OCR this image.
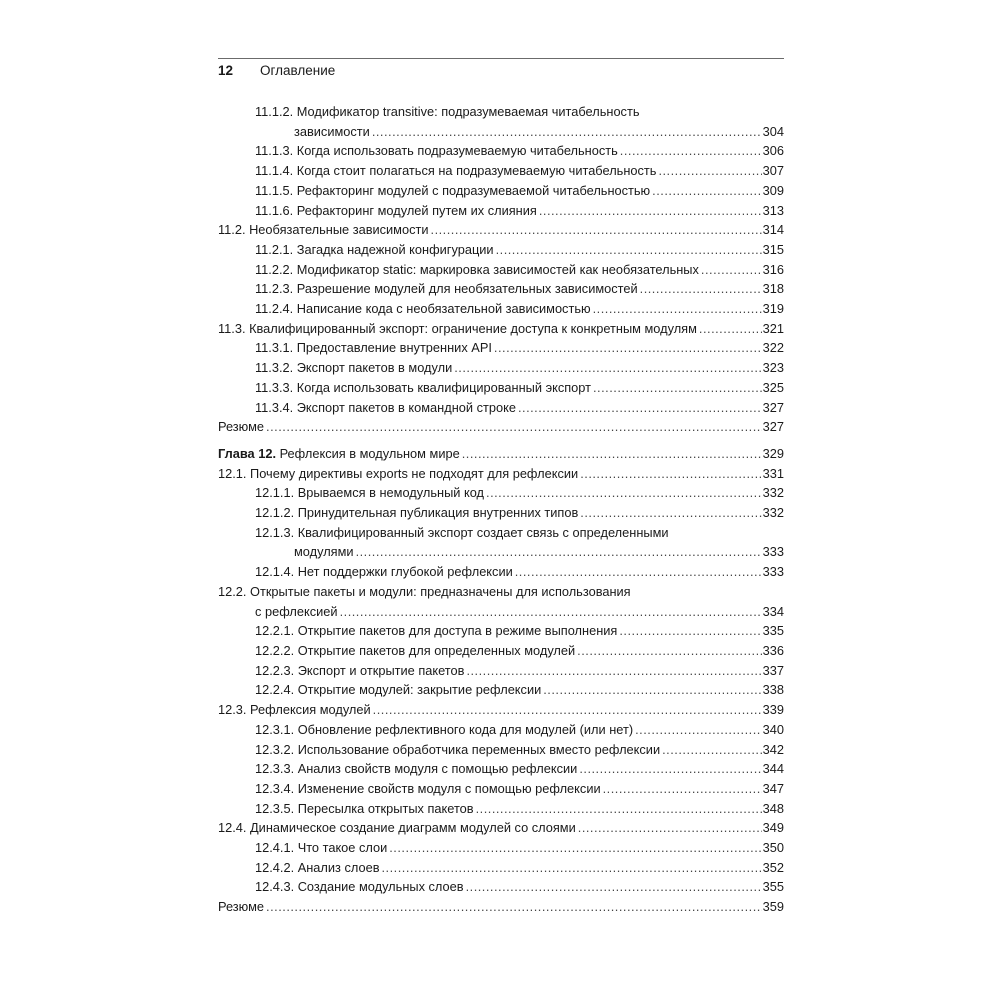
12	Оглавление
11.1.2. Модификатор transitive: подразумеваемая читабельность
зависимости .....	304
11.1.3. Когда использовать подразумеваемую читабельность .....	306
11.1.4. Когда стоит полагаться на подразумеваемую читабельность .....	307
11.1.5. Рефакторинг модулей с подразумеваемой читабельностью .....	309
11.1.6. Рефакторинг модулей путем их слияния .....	313
11.2. Необязательные зависимости .....	314
11.2.1. Загадка надежной конфигурации .....	315
11.2.2. Модификатор static: маркировка зависимостей как необязательных .....	316
11.2.3. Разрешение модулей для необязательных зависимостей .....	318
11.2.4. Написание кода с необязательной зависимостью .....	319
11.3. Квалифицированный экспорт: ограничение доступа к конкретным модулям .....	321
11.3.1. Предоставление внутренних API .....	322
11.3.2. Экспорт пакетов в модули .....	323
11.3.3. Когда использовать квалифицированный экспорт .....	325
11.3.4. Экспорт пакетов в командной строке .....	327
Резюме .....	327
Глава 12. Рефлексия в модульном мире .....	329
12.1. Почему директивы exports не подходят для рефлексии .....	331
12.1.1. Врываемся в немодульный код .....	332
12.1.2. Принудительная публикация внутренних типов .....	332
12.1.3. Квалифицированный экспорт создает связь с определенными
модулями .....	333
12.1.4. Нет поддержки глубокой рефлексии .....	333
12.2. Открытые пакеты и модули: предназначены для использования
с рефлексией .....	334
12.2.1. Открытие пакетов для доступа в режиме выполнения .....	335
12.2.2. Открытие пакетов для определенных модулей .....	336
12.2.3. Экспорт и открытие пакетов .....	337
12.2.4. Открытие модулей: закрытие рефлексии .....	338
12.3. Рефлексия модулей .....	339
12.3.1. Обновление рефлективного кода для модулей (или нет) .....	340
12.3.2. Использование обработчика переменных вместо рефлексии .....	342
12.3.3. Анализ свойств модуля с помощью рефлексии .....	344
12.3.4. Изменение свойств модуля с помощью рефлексии .....	347
12.3.5. Пересылка открытых пакетов .....	348
12.4. Динамическое создание диаграмм модулей со слоями .....	349
12.4.1. Что такое слои .....	350
12.4.2. Анализ слоев .....	352
12.4.3. Создание модульных слоев .....	355
Резюме .....	359
